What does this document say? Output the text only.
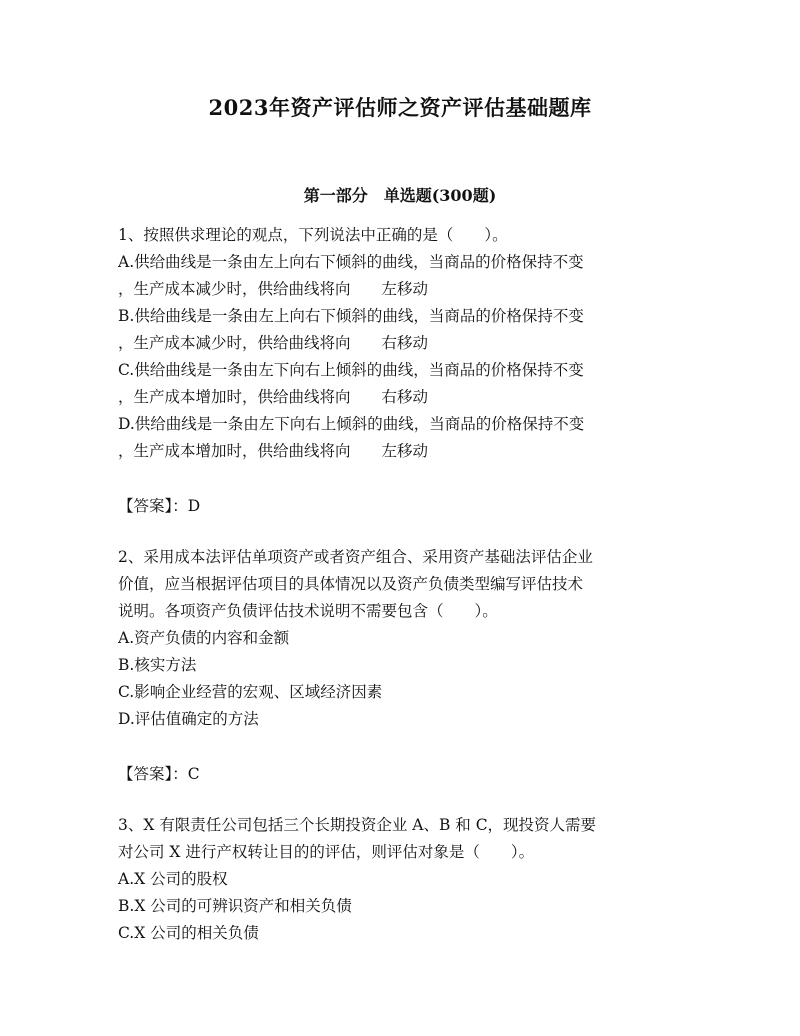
2023年资产评估师之资产评估基础题库
第一部分　单选题(300题)
1、按照供求理论的观点，下列说法中正确的是（　　）。
A.供给曲线是一条由左上向右下倾斜的曲线，当商品的价格保持不变
，生产成本减少时，供给曲线将向　　左移动
B.供给曲线是一条由左上向右下倾斜的曲线，当商品的价格保持不变
，生产成本减少时，供给曲线将向　　右移动
C.供给曲线是一条由左下向右上倾斜的曲线，当商品的价格保持不变
，生产成本增加时，供给曲线将向　　右移动
D.供给曲线是一条由左下向右上倾斜的曲线，当商品的价格保持不变
，生产成本增加时，供给曲线将向　　左移动
【答案】：D
2、采用成本法评估单项资产或者资产组合、采用资产基础法评估企业
价值，应当根据评估项目的具体情况以及资产负债类型编写评估技术
说明。各项资产负债评估技术说明不需要包含（　　）。
A.资产负债的内容和金额
B.核实方法
C.影响企业经营的宏观、区域经济因素
D.评估值确定的方法
【答案】：C
3、X 有限责任公司包括三个长期投资企业 A、B 和 C，现投资人需要
对公司 X 进行产权转让目的的评估，则评估对象是（　　）。
A.X 公司的股权
B.X 公司的可辨识资产和相关负债
C.X 公司的相关负债
